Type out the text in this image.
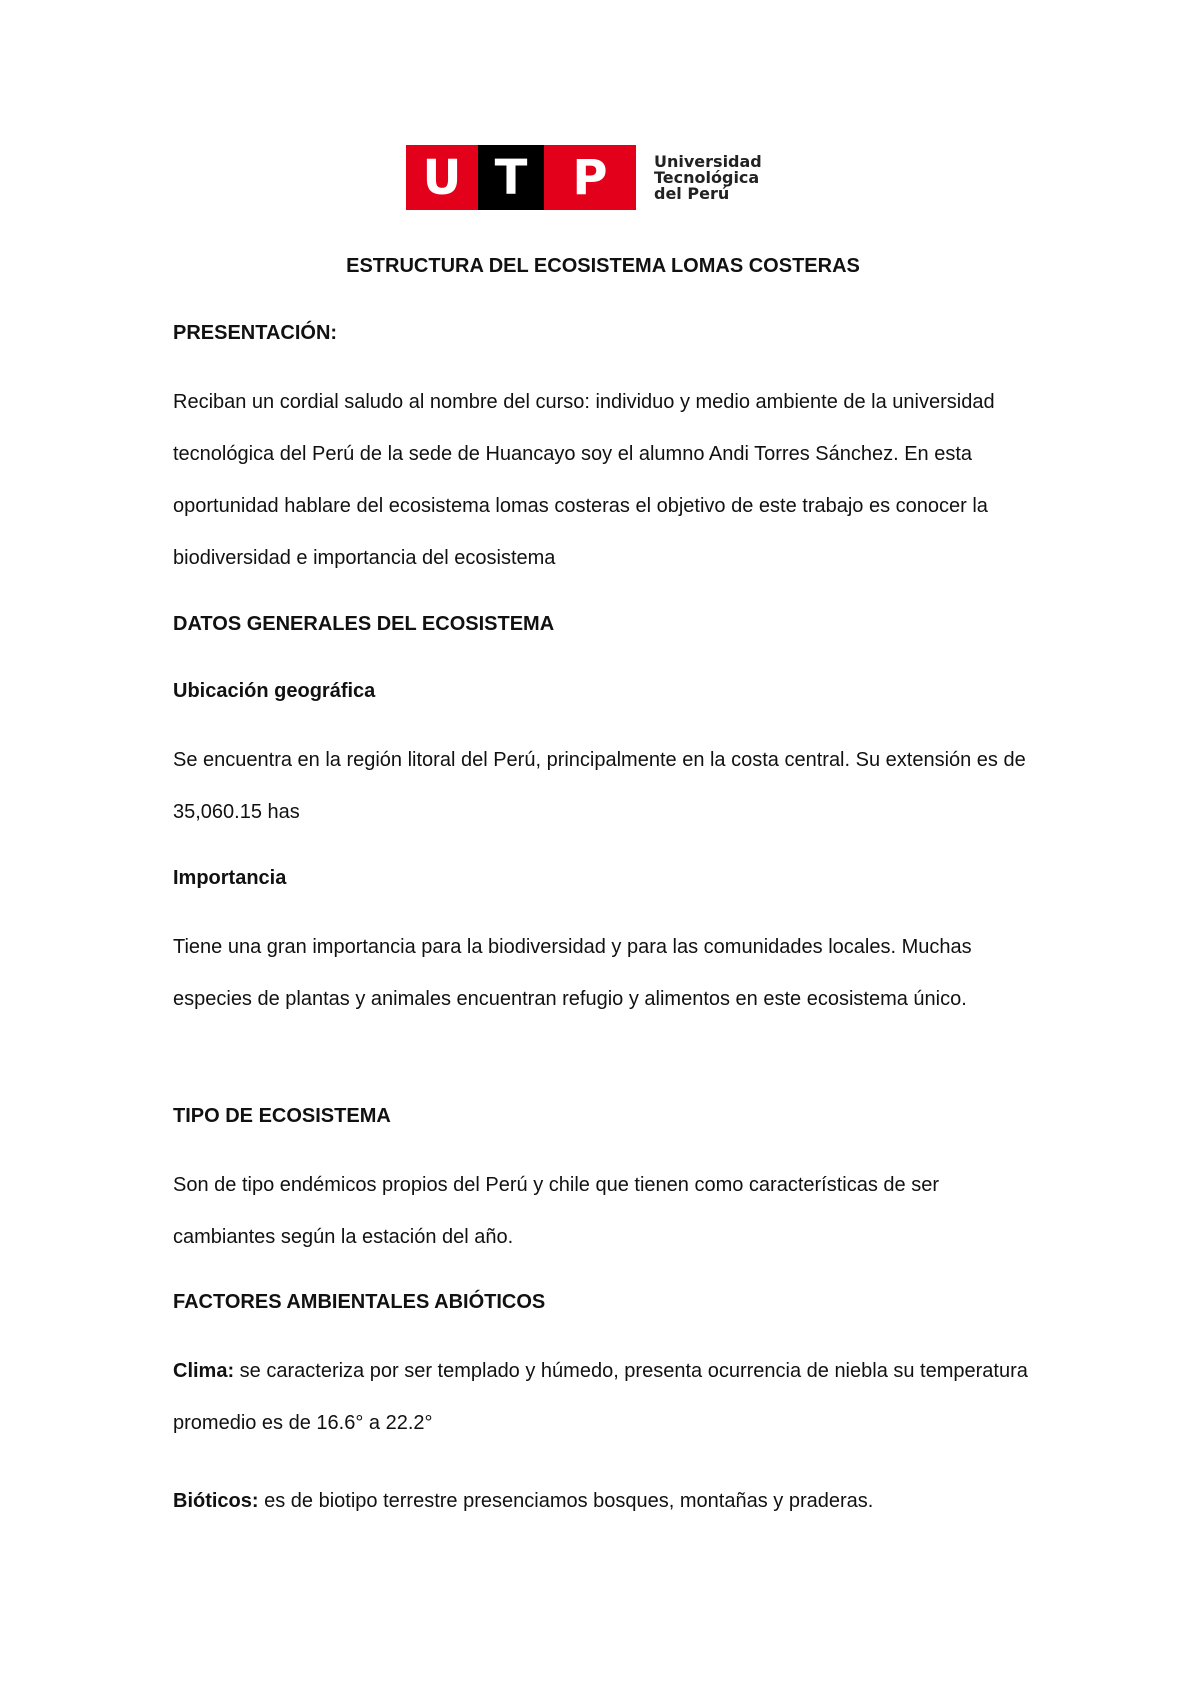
U T P	Universidad
Tecnológica
del Perú
ESTRUCTURA DEL ECOSISTEMA LOMAS COSTERAS
PRESENTACIÓN:

Reciban un cordial saludo al nombre del curso: individuo y medio ambiente de la universidad tecnológica del Perú de la sede de Huancayo soy el alumno Andi Torres Sánchez. En esta oportunidad hablare del ecosistema lomas costeras el objetivo de este trabajo es conocer la biodiversidad e importancia del ecosistema

DATOS GENERALES DEL ECOSISTEMA
Ubicación geográfica

Se encuentra en la región litoral del Perú, principalmente en la costa central. Su extensión es de 35,060.15 has

Importancia

Tiene una gran importancia para la biodiversidad y para las comunidades locales. Muchas especies de plantas y animales encuentran refugio y alimentos en este ecosistema único.

TIPO DE ECOSISTEMA

Son de tipo endémicos propios del Perú y chile que tienen como características de ser cambiantes según la estación del año.

FACTORES AMBIENTALES ABIÓTICOS

Clima: se caracteriza por ser templado y húmedo, presenta ocurrencia de niebla su temperatura promedio es de 16.6° a 22.2°

Bióticos: es de biotipo terrestre presenciamos bosques, montañas y praderas.
